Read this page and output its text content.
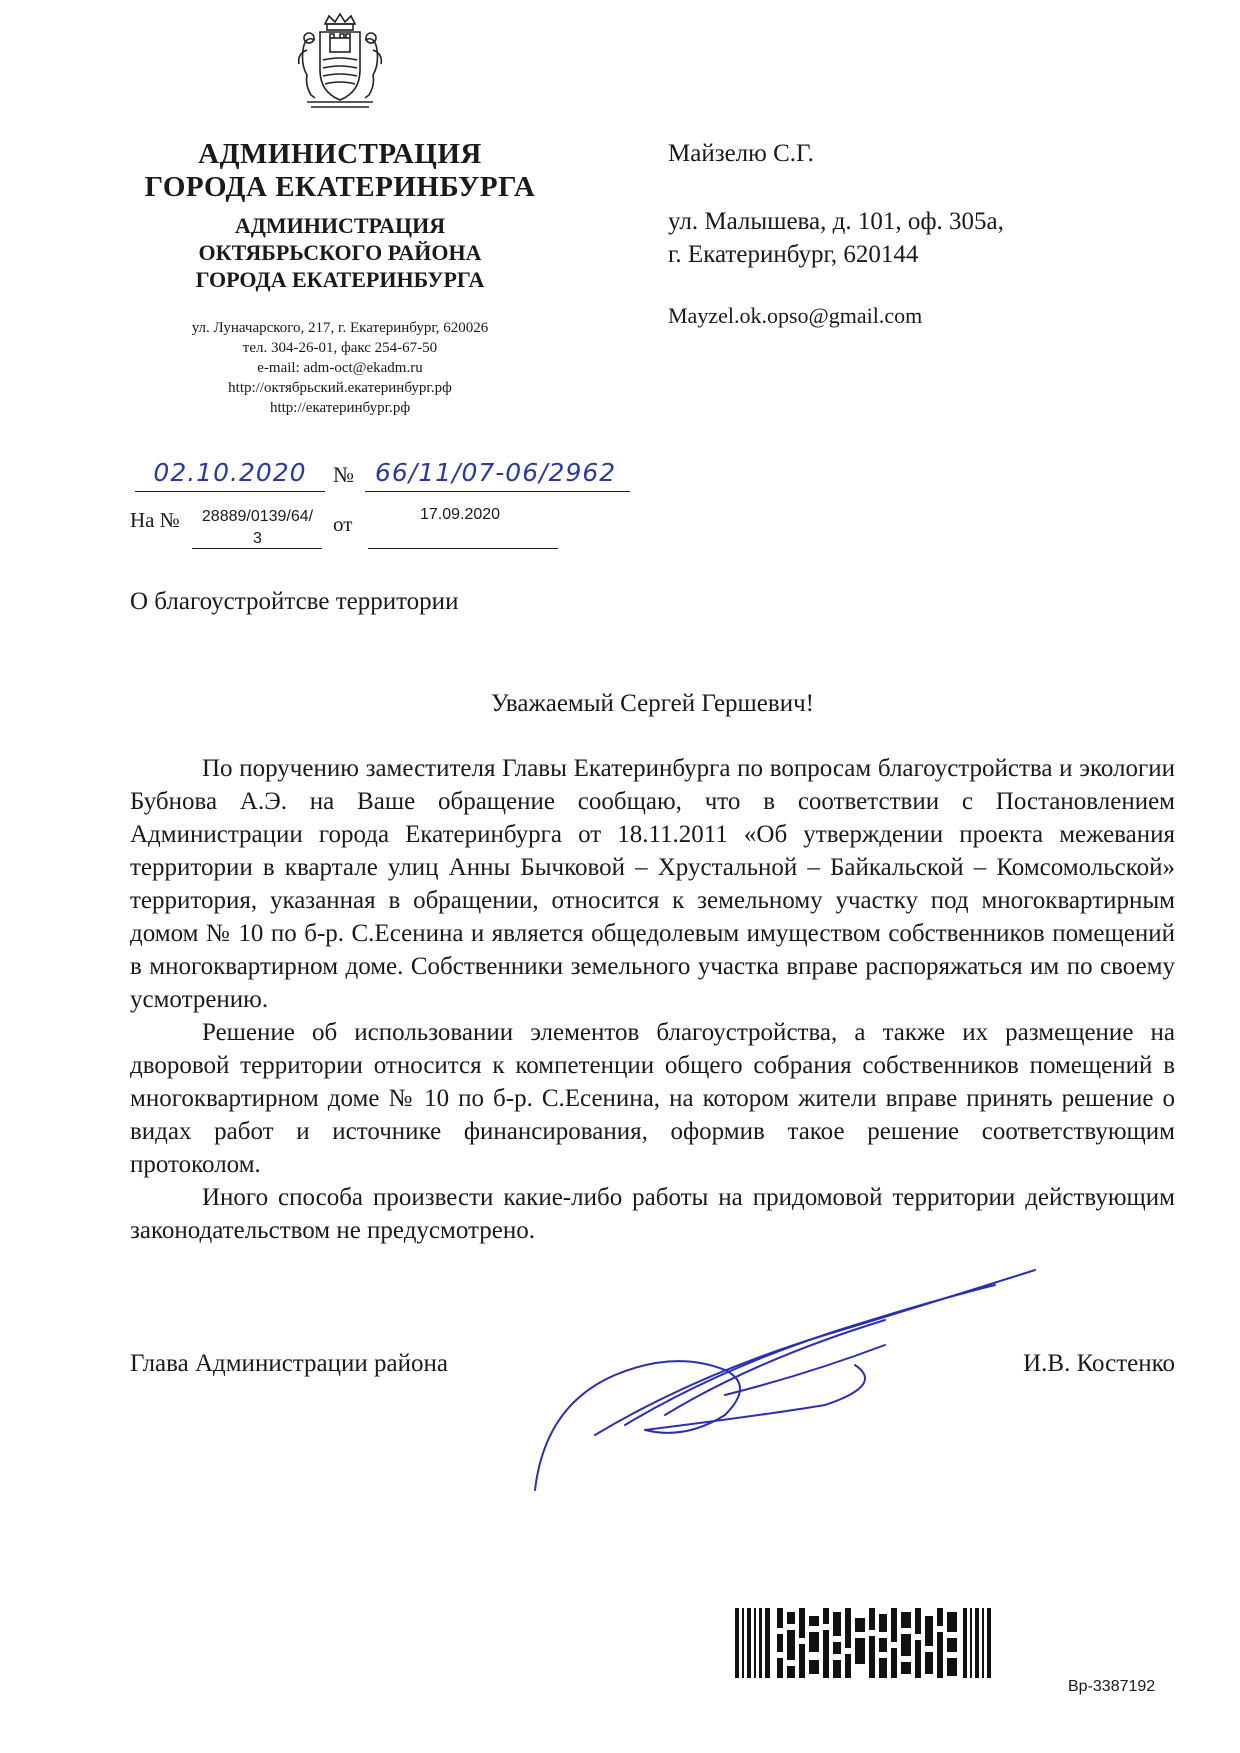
АДМИНИСТРАЦИЯ
ГОРОДА ЕКАТЕРИНБУРГА
АДМИНИСТРАЦИЯ
ОКТЯБРЬСКОГО РАЙОНА
ГОРОДА ЕКАТЕРИНБУРГА
ул. Луначарского, 217, г. Екатеринбург, 620026
тел. 304-26-01, факс 254-67-50
e-mail: adm-oct@ekadm.ru
http://октябрьский.екатеринбург.рф
http://екатеринбург.рф
Майзелю С.Г.
ул. Малышева, д. 101, оф. 305а,
г. Екатеринбург, 620144
Mayzel.ok.opso@gmail.com
02.10.2020	№ 66/11/07-06/2962
На №	28889/0139/64/
3
от	17.09.2020
О благоустройтсве территории
Уважаемый Сергей Гершевич!

По поручению заместителя Главы Екатеринбурга по вопросам благоустройства и экологии Бубнова А.Э. на Ваше обращение сообщаю, что в соответствии с Постановлением Администрации города Екатеринбурга от 18.11.2011 «Об утверждении проекта межевания территории в квартале улиц Анны Бычковой – Хрустальной – Байкальской – Комсомольской» территория, указанная в обращении, относится к земельному участку под многоквартирным домом № 10 по б-р. С.Есенина и является общедолевым имуществом собственников помещений в многоквартирном доме. Собственники земельного участка вправе распоряжаться им по своему усмотрению.

Решение об использовании элементов благоустройства, а также их размещение на дворовой территории относится к компетенции общего собрания собственников помещений в многоквартирном доме № 10 по б-р. С.Есенина, на котором жители вправе принять решение о видах работ и источнике финансирования, оформив такое решение соответствующим протоколом.

Иного способа произвести какие-либо работы на придомовой территории действующим законодательством не предусмотрено.

Глава Администрации района	И.В. Костенко
Вр-3387192
